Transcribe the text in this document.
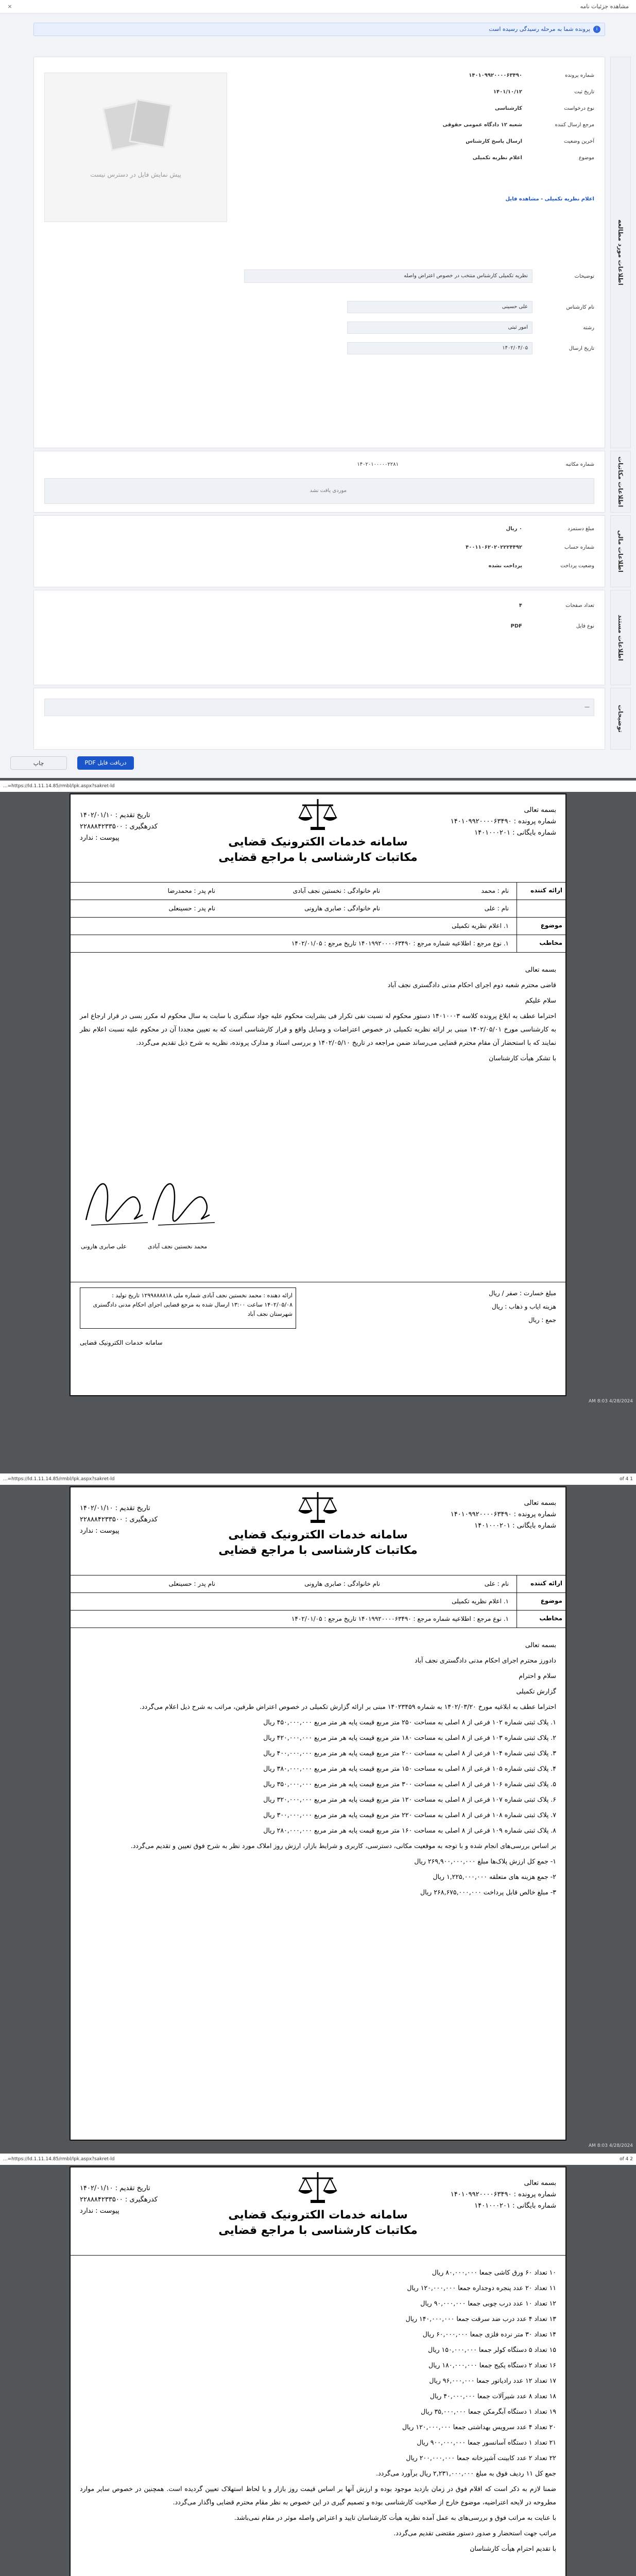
مشاهده جزئیات نامه
×
i
پرونده شما به مرحله رسیدگی رسیده است
اطلاعات مورد مطالعه
اطلاعات مکاتبات
اطلاعات مالی
اطلاعات مستند
توضیحات
شماره پرونده
۱۴۰۱۰۹۹۲۰۰۰۰۶۳۴۹۰
تاریخ ثبت
۱۴۰۱/۱۰/۱۲
نوع درخواست
کارشناسی
مرجع ارسال کننده
شعبه ۱۲ دادگاه عمومی حقوقی
آخرین وضعیت
ارسال پاسخ کارشناس
موضوع
اعلام نظریه تکمیلی
پیش نمایش فایل در دسترس نیست
اعلام نظریه تکمیلی - مشاهده فایل
توضیحات
نظریه تکمیلی کارشناس منتخب در خصوص اعتراض واصله
نام کارشناس
علی حسینی
رشته
امور ثبتی
تاریخ ارسال
۱۴۰۲/۰۴/۰۵
شماره مکاتبه
۱۴۰۲۰۱۰۰۰۰۰۲۲۸۱
موردی یافت نشد
مبلغ دستمزد
۰ ریال
شماره حساب
۴۰۰۱۱۰۶۲۰۲۰۲۲۲۴۴۹۲
وضعیت پرداخت
پرداخت نشده
تعداد صفحات
۴
نوع فایل
PDF
—
دریافت فایل PDF
چاپ
https://ld.1.11.14.85/rmbl/lpk.aspx?sakret-ld=...
سامانه خدمات الکترونیک قضایی
مکاتبات کارشناسی با مراجع قضایی
بسمه تعالی
شماره پرونده : ۱۴۰۱۰۹۹۲۰۰۰۰۶۳۴۹۰
شماره بایگانی : ۱۴۰۱۰۰۰۲۰۱
تاریخ تقدیم : ۱۴۰۲/۰۱/۱۰
کدرهگیری : ۲۲۸۸۸۴۲۳۳۵۰۰
پیوست : ندارد
ارائه کننده
نام : محمد
نام خانوادگی : نخستین نجف آبادی
نام پدر : محمدرضا
نام : علی
نام خانوادگی : صابری هارونی
نام پدر : حسینعلی
موضوع
۱. اعلام نظریه تکمیلی
مخاطب
۱. نوع مرجع : اطلاعیه شماره مرجع : ۱۴۰۱۹۹۲۰۰۰۰۶۳۴۹۰ تاریخ مرجع : ۱۴۰۲/۰۱/۰۵

بسمه تعالی

قاضی محترم شعبه دوم اجرای احکام مدنی دادگستری نجف آباد

سلام علیکم

احتراما عطف به ابلاغ پرونده کلاسه ۱۴۰۱۰۰۰۳ دستور محکوم له نسبت نفی تکرار فی بشرایت محکوم علیه جواد سنگتری با سابت به سال محکوم له مکرر بسی در قرار ارجاع امر به کارشناسی مورخ ۱۴۰۲/۰۵/۰۱ مبنی بر ارائه نظریه تکمیلی در خصوص اعتراضات و وسایل واقع و قرار کارشناسی است که به تعیین مجددا آن در محکوم علیه نسبت اعلام نظر نمایند که با استحضار آن مقام محترم قضایی می‌رساند ضمن مراجعه در تاریخ ۱۴۰۲/۰۵/۱۰ و بررسی اسناد و مدارک پرونده، نظریه به شرح ذیل تقدیم می‌گردد.

با تشکر هیأت کارشناسان

محمد نخستین نجف آبادی
علی صابری هارونی
مبلغ خسارت : صفر / ریال
هزینه ایاب و ذهاب : ریال
جمع : ریال
ارائه دهنده : محمد نخستین نجف آبادی شماره ملی ۱۲۹۹۸۸۸۸۱۸ تاریخ تولید : ۱۴۰۲/۰۵/۰۸ ساعت ۱۳:۰۰ ارسال شده به مرجع قضایی اجرای احکام مدنی دادگستری شهرستان نجف آباد
سامانه خدمات الکترونیک قضایی
4/28/2024 8:03 AM
https://ld.1.11.14.85/rmbl/lpk.aspx?sakret-ld=...	1 of 4
سامانه خدمات الکترونیک قضایی
مکاتبات کارشناسی با مراجع قضایی
بسمه تعالی
شماره پرونده : ۱۴۰۱۰۹۹۲۰۰۰۰۶۳۴۹۰
شماره بایگانی : ۱۴۰۱۰۰۰۲۰۱
تاریخ تقدیم : ۱۴۰۲/۰۱/۱۰
کدرهگیری : ۲۲۸۸۸۴۲۳۳۵۰۰
پیوست : ندارد
ارائه کننده
نام : علی
نام خانوادگی : صابری هارونی
نام پدر : حسینعلی
موضوع
۱. اعلام نظریه تکمیلی
مخاطب
۱. نوع مرجع : اطلاعیه شماره مرجع : ۱۴۰۱۹۹۲۰۰۰۰۶۳۴۹۰ تاریخ مرجع : ۱۴۰۲/۰۱/۰۵

بسمه تعالی

دادورز محترم اجرای احکام مدنی دادگستری نجف آباد

سلام و احترام

گزارش تکمیلی

احتراما عطف به ابلاغیه مورخ ۱۴۰۲/۰۳/۲۰ به شماره ۱۴۰۲۳۴۵۹ مبنی بر ارائه گزارش تکمیلی در خصوص اعتراض طرفین، مراتب به شرح ذیل اعلام می‌گردد.

۱. پلاک ثبتی شماره ۱۰۲ فرعی از ۸ اصلی به مساحت ۲۵۰ متر مربع قیمت پایه هر متر مربع ۴۵۰,۰۰۰,۰۰۰ ریال

۲. پلاک ثبتی شماره ۱۰۳ فرعی از ۸ اصلی به مساحت ۱۸۰ متر مربع قیمت پایه هر متر مربع ۴۲۰,۰۰۰,۰۰۰ ریال

۳. پلاک ثبتی شماره ۱۰۴ فرعی از ۸ اصلی به مساحت ۲۰۰ متر مربع قیمت پایه هر متر مربع ۴۰۰,۰۰۰,۰۰۰ ریال

۴. پلاک ثبتی شماره ۱۰۵ فرعی از ۸ اصلی به مساحت ۱۵۰ متر مربع قیمت پایه هر متر مربع ۳۸۰,۰۰۰,۰۰۰ ریال

۵. پلاک ثبتی شماره ۱۰۶ فرعی از ۸ اصلی به مساحت ۳۰۰ متر مربع قیمت پایه هر متر مربع ۳۵۰,۰۰۰,۰۰۰ ریال

۶. پلاک ثبتی شماره ۱۰۷ فرعی از ۸ اصلی به مساحت ۱۲۰ متر مربع قیمت پایه هر متر مربع ۳۲۰,۰۰۰,۰۰۰ ریال

۷. پلاک ثبتی شماره ۱۰۸ فرعی از ۸ اصلی به مساحت ۲۲۰ متر مربع قیمت پایه هر متر مربع ۳۰۰,۰۰۰,۰۰۰ ریال

۸. پلاک ثبتی شماره ۱۰۹ فرعی از ۸ اصلی به مساحت ۱۶۰ متر مربع قیمت پایه هر متر مربع ۲۸۰,۰۰۰,۰۰۰ ریال

بر اساس بررسی‌های انجام شده و با توجه به موقعیت مکانی، دسترسی، کاربری و شرایط بازار، ارزش روز املاک مورد نظر به شرح فوق تعیین و تقدیم می‌گردد.

۱- جمع کل ارزش پلاک‌ها مبلغ ۲۶۹,۹۰۰,۰۰۰,۰۰۰ ریال

۲- جمع هزینه های متعلقه ۱,۲۲۵,۰۰۰,۰۰۰ ریال

۳- مبلغ خالص قابل پرداخت ۲۶۸,۶۷۵,۰۰۰,۰۰۰ ریال

4/28/2024 8:03 AM
https://ld.1.11.14.85/rmbl/lpk.aspx?sakret-ld=...	2 of 4
سامانه خدمات الکترونیک قضایی
مکاتبات کارشناسی با مراجع قضایی
بسمه تعالی
شماره پرونده : ۱۴۰۱۰۹۹۲۰۰۰۰۶۳۴۹۰
شماره بایگانی : ۱۴۰۱۰۰۰۲۰۱
تاریخ تقدیم : ۱۴۰۲/۰۱/۱۰
کدرهگیری : ۲۲۸۸۸۴۲۳۳۵۰۰
پیوست : ندارد

۱۰ تعداد ۶۰ ورق کاشی جمعا ۸۰,۰۰۰,۰۰۰ ریال

۱۱ تعداد ۲۰ عدد پنجره دوجداره جمعا ۱۲۰,۰۰۰,۰۰۰ ریال

۱۲ تعداد ۱۰ عدد درب چوبی جمعا ۹۰,۰۰۰,۰۰۰ ریال

۱۳ تعداد ۴ عدد درب ضد سرقت جمعا ۱۴۰,۰۰۰,۰۰۰ ریال

۱۴ تعداد ۳۰ متر نرده فلزی جمعا ۶۰,۰۰۰,۰۰۰ ریال

۱۵ تعداد ۵ دستگاه کولر جمعا ۱۵۰,۰۰۰,۰۰۰ ریال

۱۶ تعداد ۲ دستگاه پکیج جمعا ۱۸۰,۰۰۰,۰۰۰ ریال

۱۷ تعداد ۱۲ عدد رادیاتور جمعا ۹۶,۰۰۰,۰۰۰ ریال

۱۸ تعداد ۸ عدد شیرآلات جمعا ۴۰,۰۰۰,۰۰۰ ریال

۱۹ تعداد ۱ دستگاه آبگرمکن جمعا ۳۵,۰۰۰,۰۰۰ ریال

۲۰ تعداد ۴ عدد سرویس بهداشتی جمعا ۱۲۰,۰۰۰,۰۰۰ ریال

۲۱ تعداد ۱ دستگاه آسانسور جمعا ۹۰۰,۰۰۰,۰۰۰ ریال

۲۲ تعداد ۲ عدد کابینت آشپزخانه جمعا ۲۰۰,۰۰۰,۰۰۰ ریال

جمع کل ۱۱ ردیف فوق به مبلغ ۲,۲۳۱,۰۰۰,۰۰۰ ریال برآورد می‌گردد.

ضمنا لازم به ذکر است که اقلام فوق در زمان بازدید موجود بوده و ارزش آنها بر اساس قیمت روز بازار و با لحاظ استهلاک تعیین گردیده است. همچنین در خصوص سایر موارد مطروحه در لایحه اعتراضیه، موضوع خارج از صلاحیت کارشناسی بوده و تصمیم گیری در این خصوص به نظر مقام محترم قضایی واگذار می‌گردد.

با عنایت به مراتب فوق و بررسی‌های به عمل آمده نظریه هیأت کارشناسان تایید و اعتراض واصله موثر در مقام نمی‌باشد.

مراتب جهت استحضار و صدور دستور مقتضی تقدیم می‌گردد.

با تقدیم احترام هیأت کارشناسان
